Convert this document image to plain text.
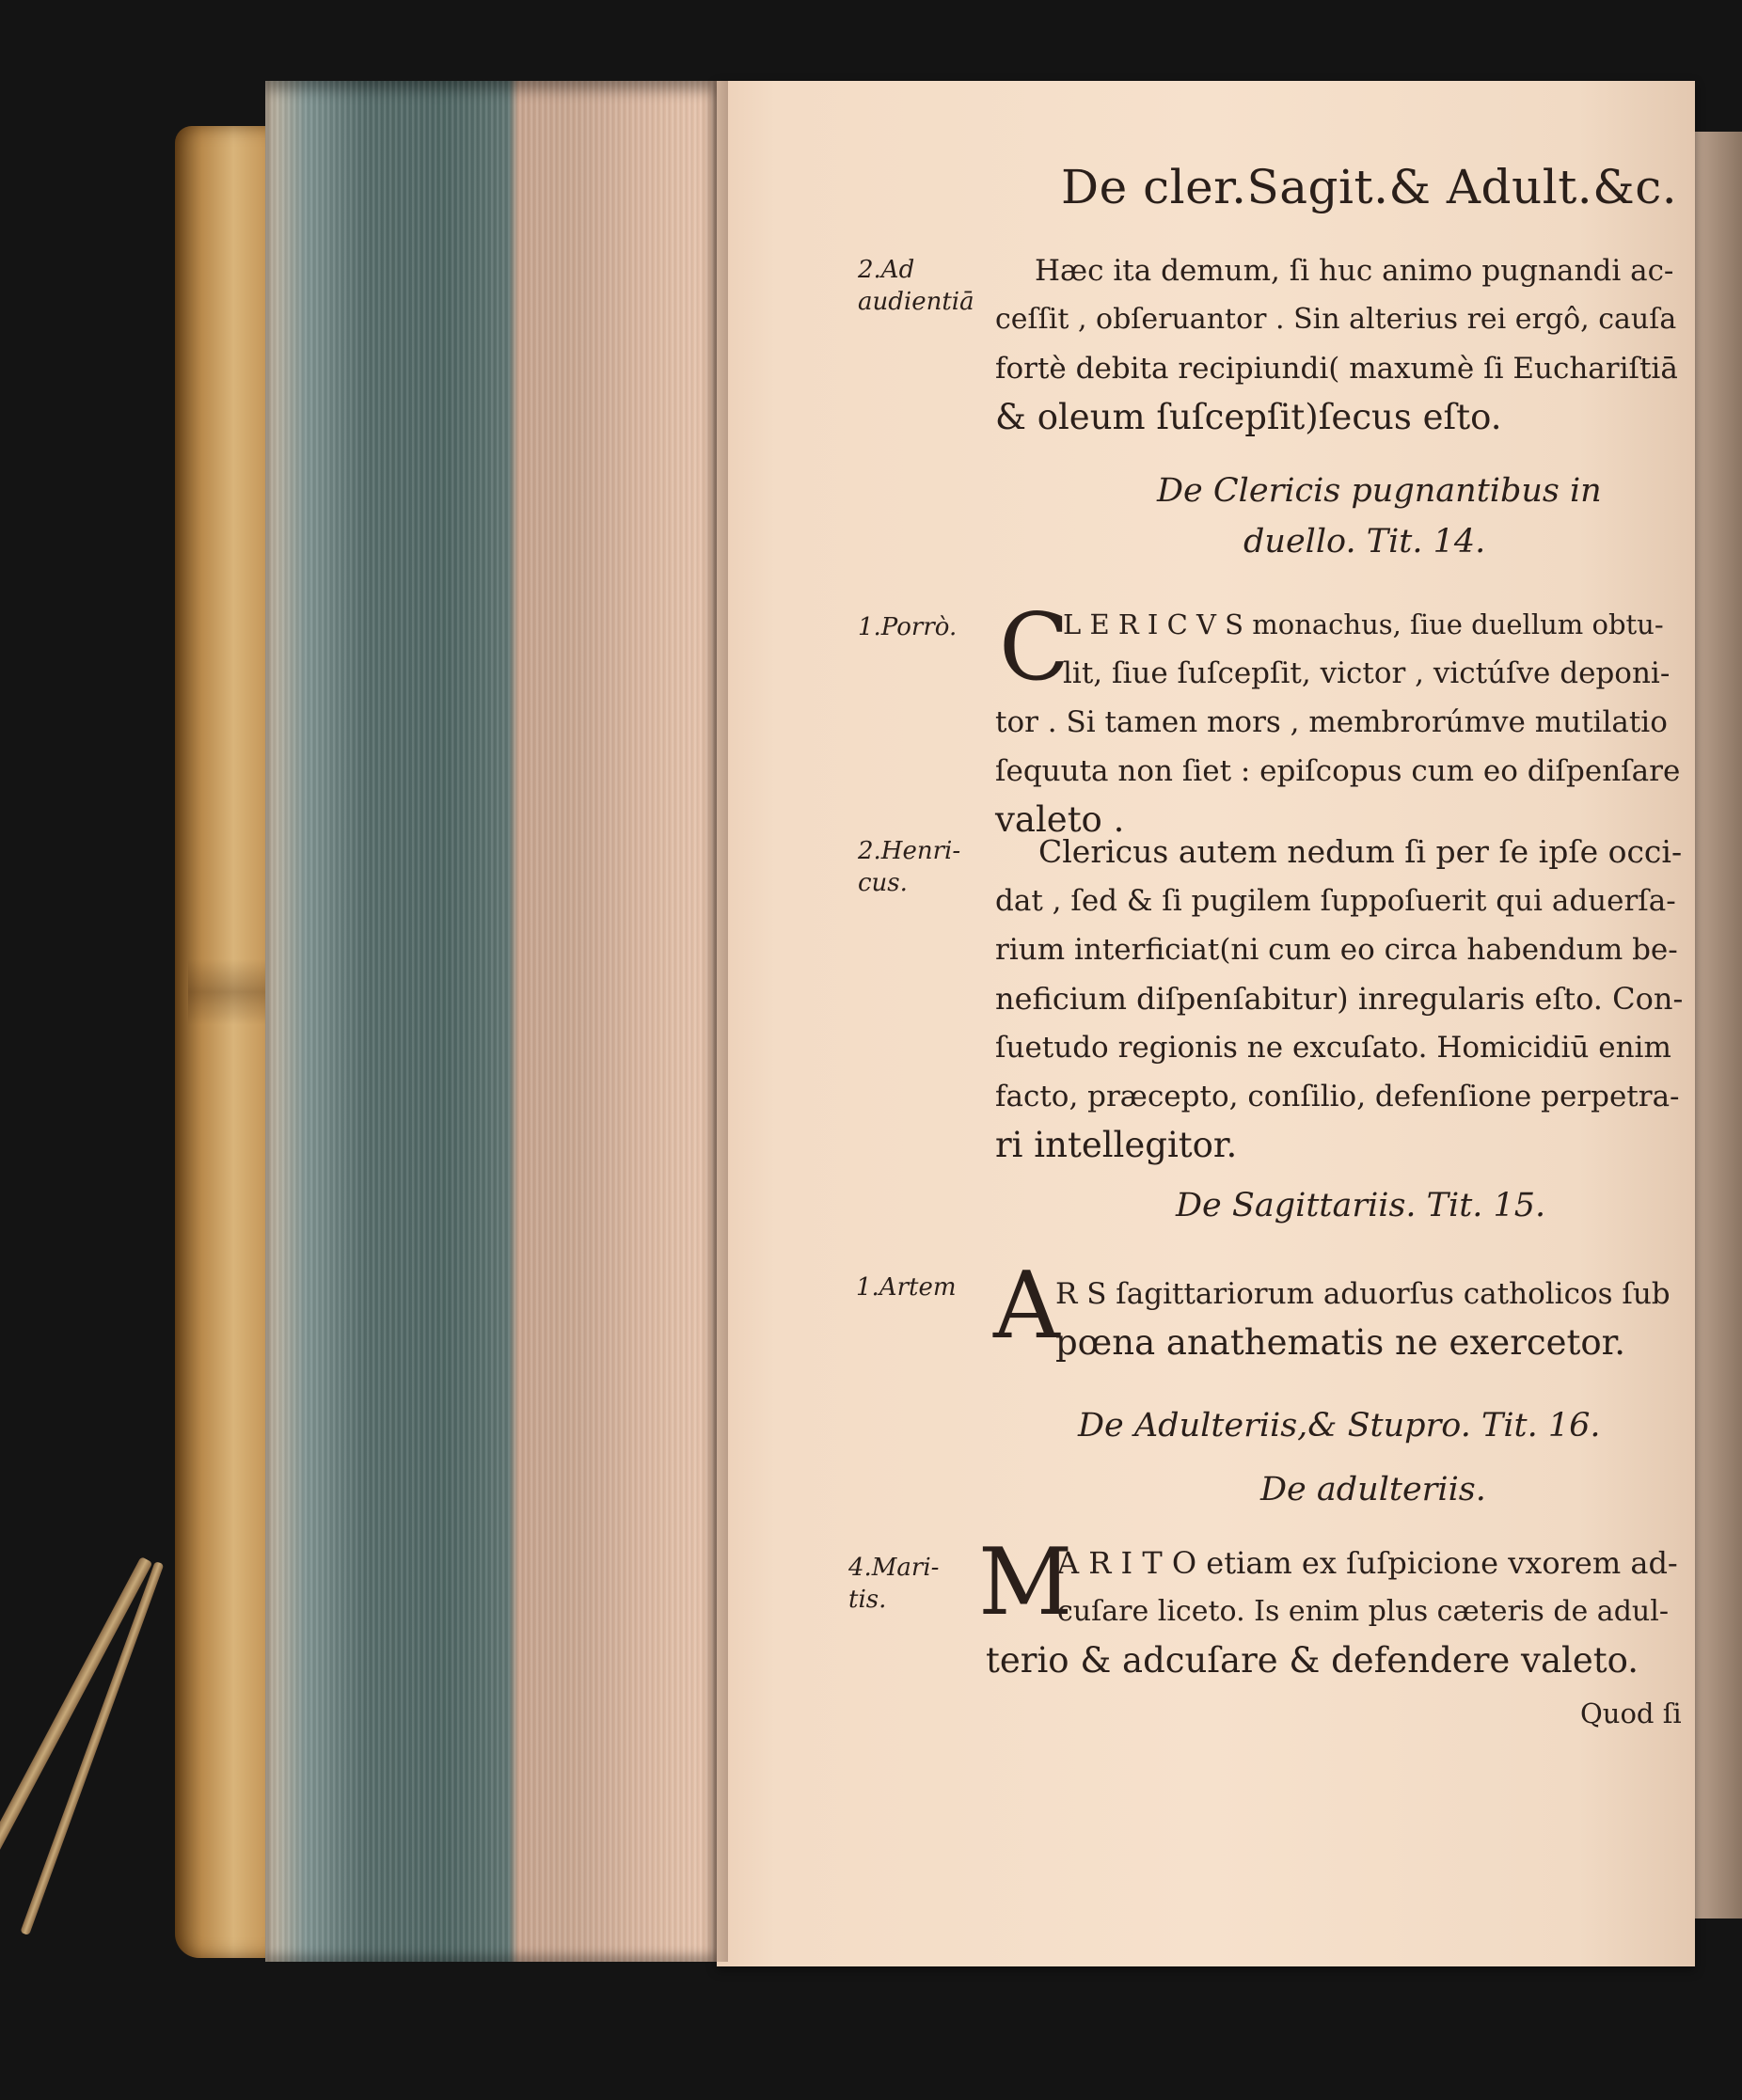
De cler.Sagit.& Adult.&c.
2.Ad
audientiā
Hæc ita demum, ſi huc animo pugnandi ac-
ceſſit , obſeruantor . Sin alterius rei ergô, cauſa
fortè debita recipiundi( maxumè ſi Euchariſtiā
& oleum ſuſcepſit)ſecus eſto.
De Clericis pugnantibus in
duello. Tit. 14.
1.Porrò. C
L E R I C V S monachus, ſiue duellum obtu-
lit, ſiue ſuſcepſit, victor , victúſve deponi-
tor . Si tamen mors , membrorúmve mutilatio
ſequuta non ſiet : epiſcopus cum eo diſpenſare
valeto .
2.Henri-
cus.
Clericus autem nedum ſi per ſe ipſe occi-
dat , ſed & ſi pugilem ſuppoſuerit qui aduerſa-
rium interficiat(ni cum eo circa habendum be-
neficium diſpenſabitur) inregularis eſto. Con-
ſuetudo regionis ne excuſato. Homicidiū enim
facto, præcepto, conſilio, defenſione perpetra-
ri intellegitor.
De Sagittariis. Tit. 15.
1.Artem A
R S ſagittariorum aduorſus catholicos ſub
pœna anathematis ne exercetor.
De Adulteriis,& Stupro. Tit. 16.
De adulteriis.
4.Mari-
tis. M
A R I T O etiam ex ſuſpicione vxorem ad-
cuſare liceto. Is enim plus cæteris de adul-
terio & adcuſare & defendere valeto.
Quod ſi
